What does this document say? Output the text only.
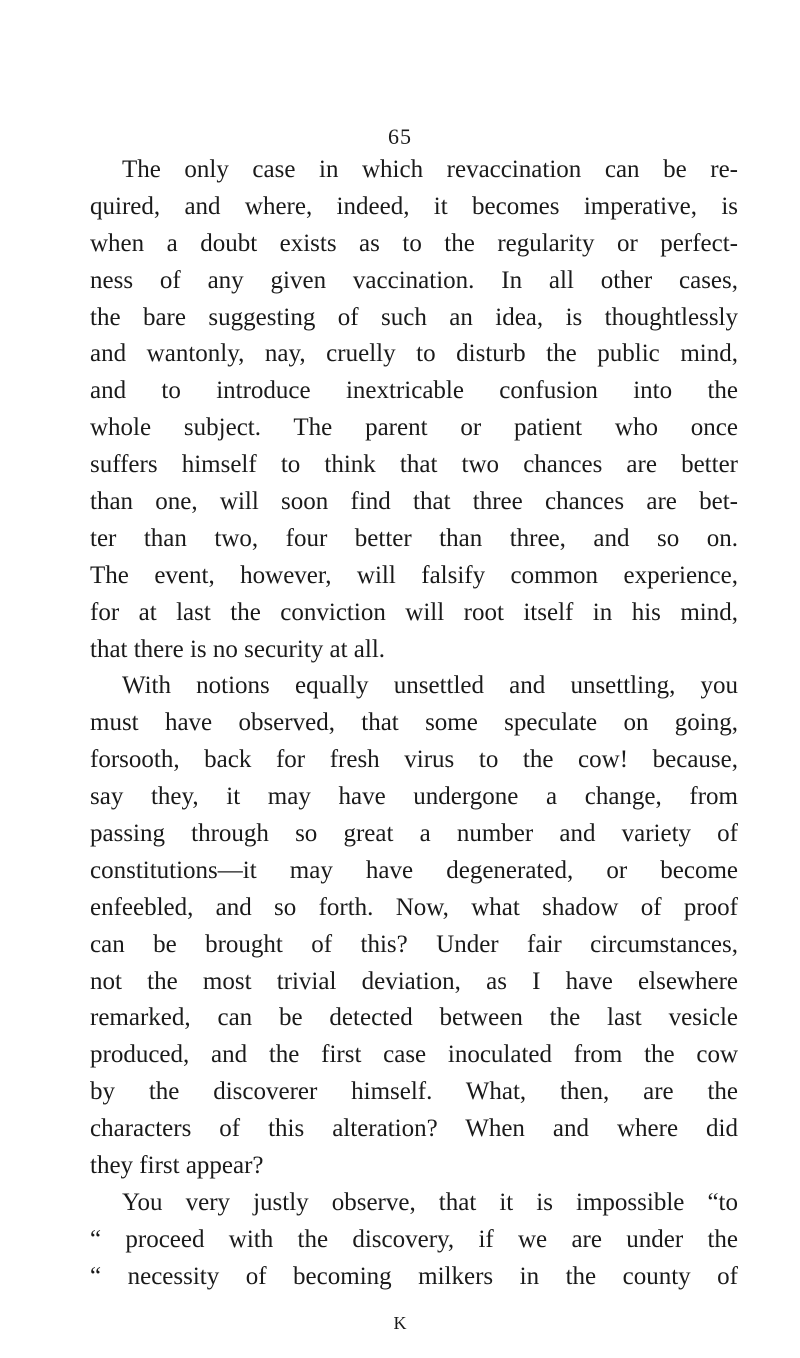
65
The only case in which revaccination can be re-
quired, and where, indeed, it becomes imperative, is
when a doubt exists as to the regularity or perfect-
ness of any given vaccination. In all other cases,
the bare suggesting of such an idea, is thoughtlessly
and wantonly, nay, cruelly to disturb the public mind,
and to introduce inextricable confusion into the
whole subject. The parent or patient who once
suffers himself to think that two chances are better
than one, will soon find that three chances are bet-
ter than two, four better than three, and so on.
The event, however, will falsify common experience,
for at last the conviction will root itself in his mind,
that there is no security at all.
With notions equally unsettled and unsettling, you
must have observed, that some speculate on going,
forsooth, back for fresh virus to the cow! because,
say they, it may have undergone a change, from
passing through so great a number and variety of
constitutions—it may have degenerated, or become
enfeebled, and so forth. Now, what shadow of proof
can be brought of this? Under fair circumstances,
not the most trivial deviation, as I have elsewhere
remarked, can be detected between the last vesicle
produced, and the first case inoculated from the cow
by the discoverer himself. What, then, are the
characters of this alteration? When and where did
they first appear?
You very justly observe, that it is impossible “to
“ proceed with the discovery, if we are under the
“ necessity of becoming milkers in the county of
K
